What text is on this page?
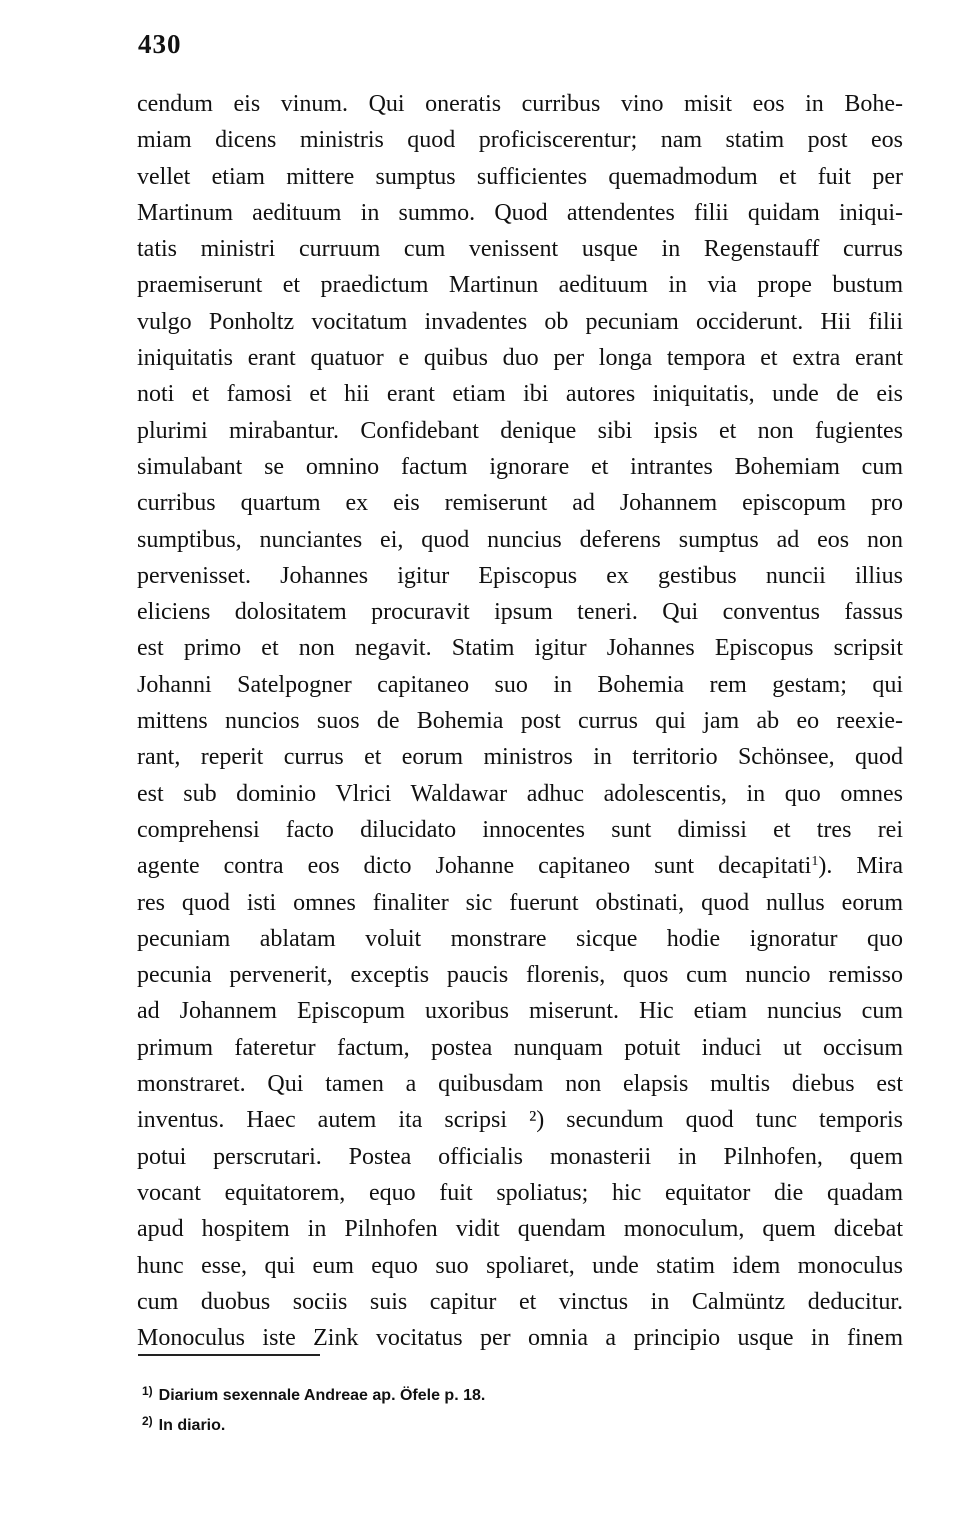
430
cendum eis vinum. Qui oneratis curribus vino misit eos in Bohe-
miam dicens ministris quod proficiscerentur; nam statim post eos
vellet etiam mittere sumptus sufficientes quemadmodum et fuit per
Martinum aedituum in summo. Quod attendentes filii quidam iniqui-
tatis ministri curruum cum venissent usque in Regenstauff currus
praemiserunt et praedictum Martinun aedituum in via prope bustum
vulgo Ponholtz vocitatum invadentes ob pecuniam occiderunt. Hii filii
iniquitatis erant quatuor e quibus duo per longa tempora et extra erant
noti et famosi et hii erant etiam ibi autores iniquitatis, unde de eis
plurimi mirabantur. Confidebant denique sibi ipsis et non fugientes
simulabant se omnino factum ignorare et intrantes Bohemiam cum
curribus quartum ex eis remiserunt ad Johannem episcopum pro
sumptibus, nunciantes ei, quod nuncius deferens sumptus ad eos non
pervenisset. Johannes igitur Episcopus ex gestibus nuncii illius
eliciens dolositatem procuravit ipsum teneri. Qui conventus fassus
est primo et non negavit. Statim igitur Johannes Episcopus scripsit
Johanni Satelpogner capitaneo suo in Bohemia rem gestam; qui
mittens nuncios suos de Bohemia post currus qui jam ab eo reexie-
rant, reperit currus et eorum ministros in territorio Schönsee, quod
est sub dominio Vlrici Waldawar adhuc adolescentis, in quo omnes
comprehensi facto dilucidato innocentes sunt dimissi et tres rei
agente contra eos dicto Johanne capitaneo sunt decapitati$^1$). Mira
res quod isti omnes finaliter sic fuerunt obstinati, quod nullus eorum
pecuniam ablatam voluit monstrare sicque hodie ignoratur quo
pecunia pervenerit, exceptis paucis florenis, quos cum nuncio remisso
ad Johannem Episcopum uxoribus miserunt. Hic etiam nuncius cum
primum fateretur factum, postea nunquam potuit induci ut occisum
monstraret. Qui tamen a quibusdam non elapsis multis diebus est
inventus. Haec autem ita scripsi ²) secundum quod tunc temporis
potui perscrutari. Postea officialis monasterii in Pilnhofen, quem
vocant equitatorem, equo fuit spoliatus; hic equitator die quadam
apud hospitem in Pilnhofen vidit quendam monoculum, quem dicebat
hunc esse, qui eum equo suo spoliaret, unde statim idem monoculus
cum duobus sociis suis capitur et vinctus in Calmüntz deducitur.
Monoculus iste Zink vocitatus per omnia a principio usque in finem
$^{1)}$ Diarium sexennale Andreae ap. Öfele p. 18.
$^{2)}$ In diario.
